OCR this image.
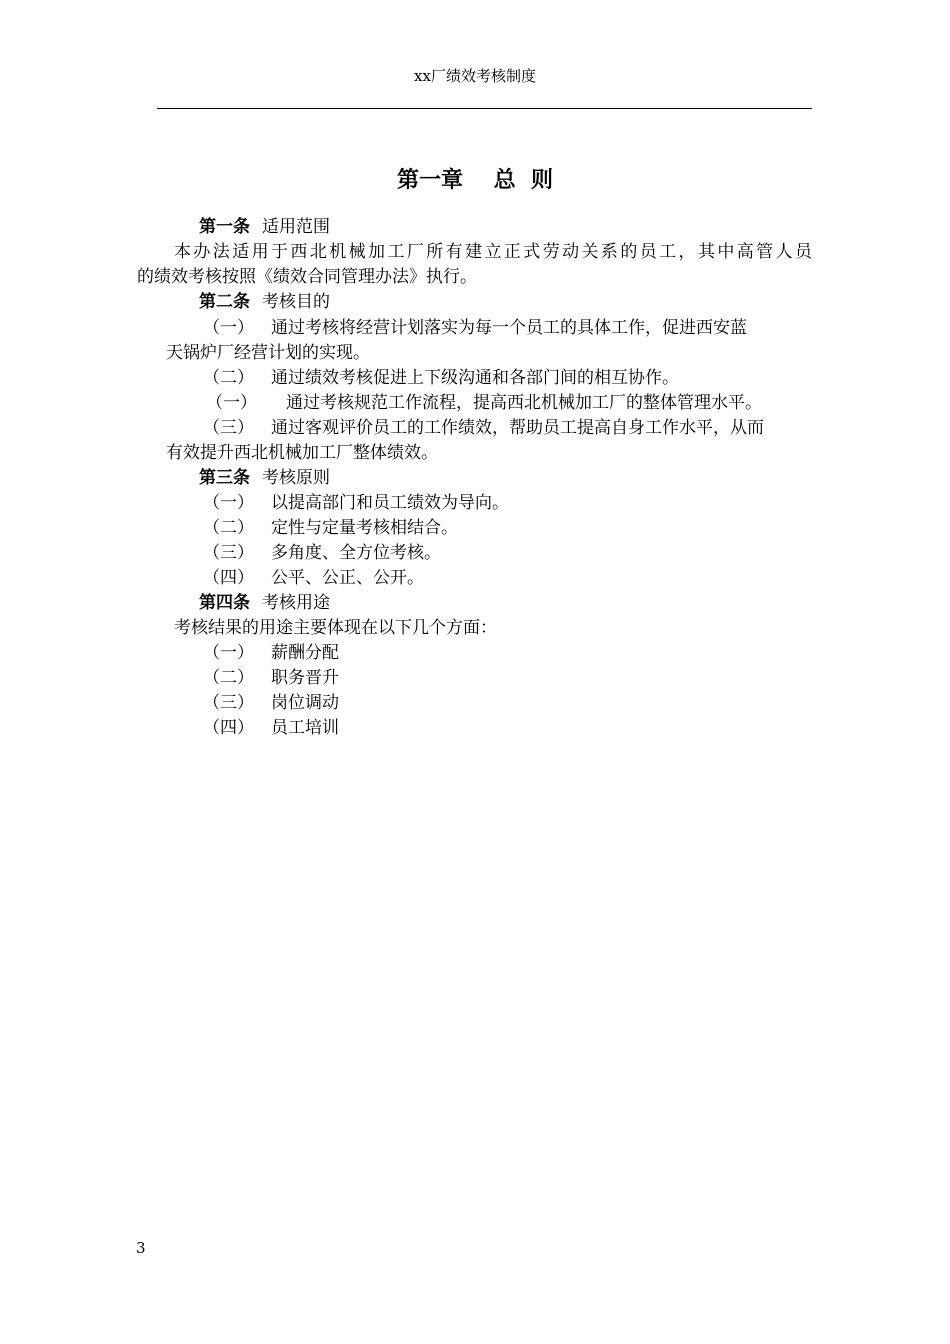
xx厂绩效考核制度
第一章    总  则
第一条 适用范围
本办法适用于西北机械加工厂所有建立正式劳动关系的员工，其中高管人员
的绩效考核按照《绩效合同管理办法》执行。
第二条 考核目的
（一） 通过考核将经营计划落实为每一个员工的具体工作，促进西安蓝
天锅炉厂经营计划的实现。
（二） 通过绩效考核促进上下级沟通和各部门间的相互协作。
（一） 通过考核规范工作流程，提高西北机械加工厂的整体管理水平。
（三） 通过客观评价员工的工作绩效，帮助员工提高自身工作水平，从而
有效提升西北机械加工厂整体绩效。
第三条 考核原则
（一） 以提高部门和员工绩效为导向。
（二） 定性与定量考核相结合。
（三） 多角度、全方位考核。
（四） 公平、公正、公开。
第四条 考核用途
考核结果的用途主要体现在以下几个方面：
（一） 薪酬分配
（二） 职务晋升
（三） 岗位调动
（四） 员工培训
3
